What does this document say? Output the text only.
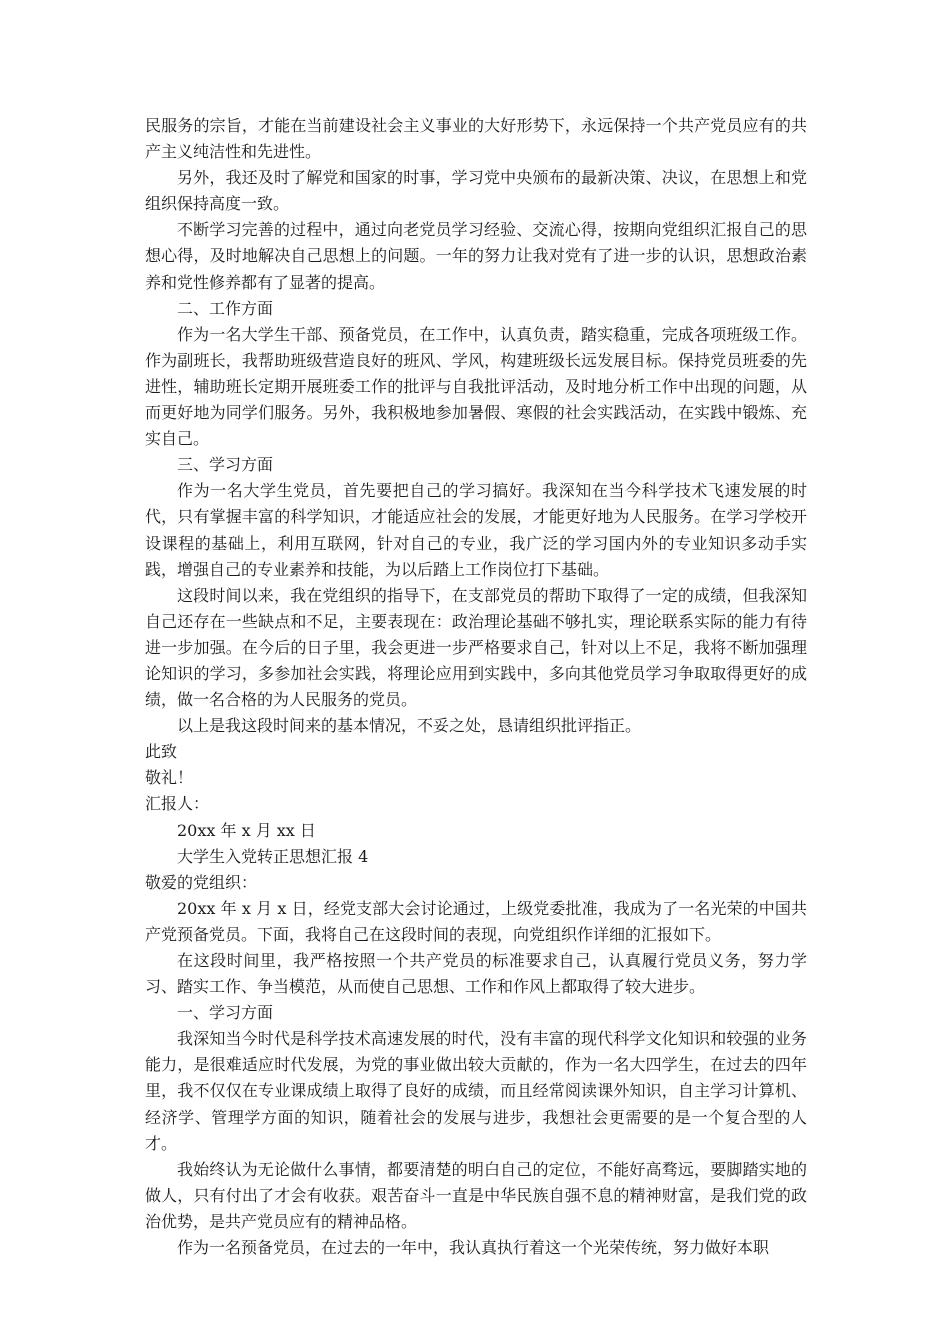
民服务的宗旨，才能在当前建设社会主义事业的大好形势下，永远保持一个共产党员应有的共产主义纯洁性和先进性。

另外，我还及时了解党和国家的时事，学习党中央颁布的最新决策、决议，在思想上和党组织保持高度一致。

不断学习完善的过程中，通过向老党员学习经验、交流心得，按期向党组织汇报自己的思想心得，及时地解决自己思想上的问题。一年的努力让我对党有了进一步的认识，思想政治素养和党性修养都有了显著的提高。

二、工作方面

作为一名大学生干部、预备党员，在工作中，认真负责，踏实稳重，完成各项班级工作。作为副班长，我帮助班级营造良好的班风、学风，构建班级长远发展目标。保持党员班委的先进性，辅助班长定期开展班委工作的批评与自我批评活动，及时地分析工作中出现的问题，从而更好地为同学们服务。另外，我积极地参加暑假、寒假的社会实践活动，在实践中锻炼、充实自己。

三、学习方面

作为一名大学生党员，首先要把自己的学习搞好。我深知在当今科学技术飞速发展的时代，只有掌握丰富的科学知识，才能适应社会的发展，才能更好地为人民服务。在学习学校开设课程的基础上，利用互联网，针对自己的专业，我广泛的学习国内外的专业知识多动手实践，增强自己的专业素养和技能，为以后踏上工作岗位打下基础。

这段时间以来，我在党组织的指导下，在支部党员的帮助下取得了一定的成绩，但我深知自己还存在一些缺点和不足，主要表现在：政治理论基础不够扎实，理论联系实际的能力有待进一步加强。在今后的日子里，我会更进一步严格要求自己，针对以上不足，我将不断加强理论知识的学习，多参加社会实践，将理论应用到实践中，多向其他党员学习争取取得更好的成绩，做一名合格的为人民服务的党员。

以上是我这段时间来的基本情况，不妥之处，恳请组织批评指正。

此致

敬礼！

汇报人：

20xx 年 x 月 xx 日

大学生入党转正思想汇报 4

敬爱的党组织：

20xx 年 x 月 x 日，经党支部大会讨论通过，上级党委批准，我成为了一名光荣的中国共产党预备党员。下面，我将自己在这段时间的表现，向党组织作详细的汇报如下。

在这段时间里，我严格按照一个共产党员的标准要求自己，认真履行党员义务，努力学习、踏实工作、争当模范，从而使自己思想、工作和作风上都取得了较大进步。

一、学习方面

我深知当今时代是科学技术高速发展的时代，没有丰富的现代科学文化知识和较强的业务能力，是很难适应时代发展，为党的事业做出较大贡献的，作为一名大四学生，在过去的四年里，我不仅仅在专业课成绩上取得了良好的成绩，而且经常阅读课外知识，自主学习计算机、经济学、管理学方面的知识，随着社会的发展与进步，我想社会更需要的是一个复合型的人才。

我始终认为无论做什么事情，都要清楚的明白自己的定位，不能好高骛远，要脚踏实地的做人，只有付出了才会有收获。艰苦奋斗一直是中华民族自强不息的精神财富，是我们党的政治优势，是共产党员应有的精神品格。

作为一名预备党员，在过去的一年中，我认真执行着这一个光荣传统，努力做好本职
